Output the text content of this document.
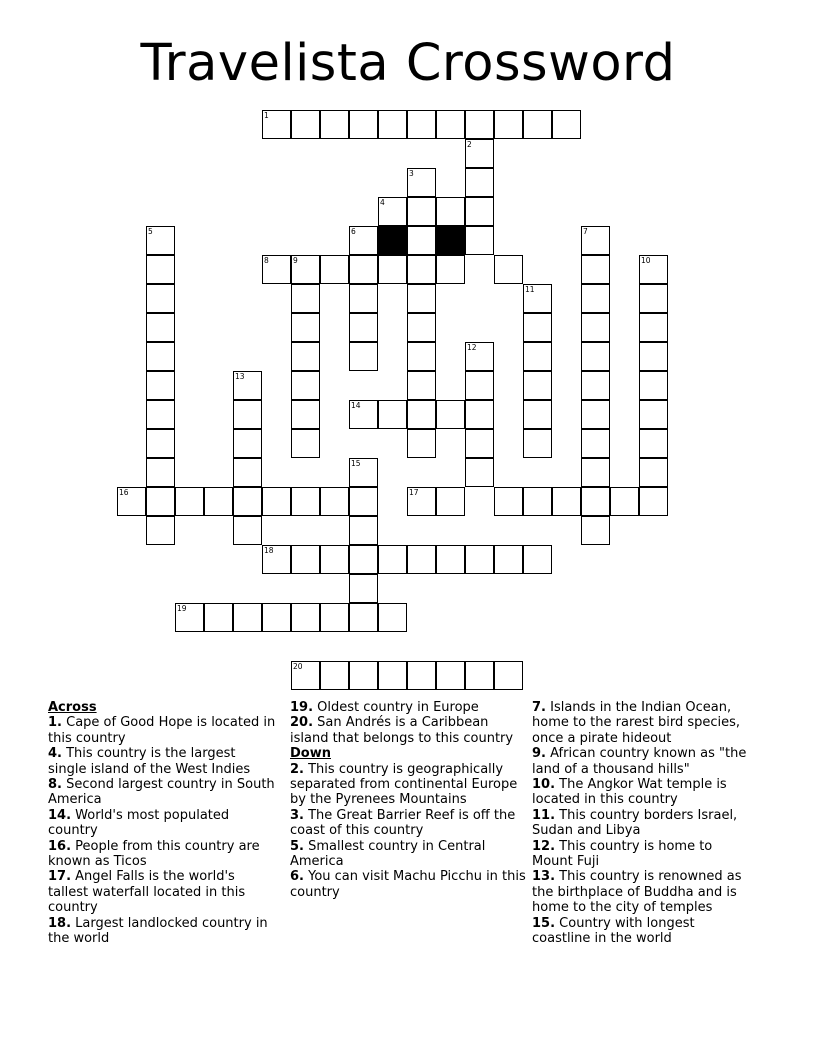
Travelista Crossword
1
2
3
4
5	6	7
8	9	10
11
12
13
14
15
16	17
18
19
20

Across

1. Cape of Good Hope is located in this country

4. This country is the largest single island of the West Indies

8. Second largest country in South America

14. World's most populated country

16. People from this country are known as Ticos

17. Angel Falls is the world's tallest waterfall located in this country

18. Largest landlocked country in the world

19. Oldest country in Europe

20. San Andrés is a Caribbean island that belongs to this country

Down

2. This country is geographically separated from continental Europe by the Pyrenees Mountains

3. The Great Barrier Reef is off the coast of this country

5. Smallest country in Central America

6. You can visit Machu Picchu in this country

7. Islands in the Indian Ocean, home to the rarest bird species, once a pirate hideout

9. African country known as "the land of a thousand hills"

10. The Angkor Wat temple is located in this country

11. This country borders Israel, Sudan and Libya

12. This country is home to Mount Fuji

13. This country is renowned as the birthplace of Buddha and is home to the city of temples

15. Country with longest coastline in the world
